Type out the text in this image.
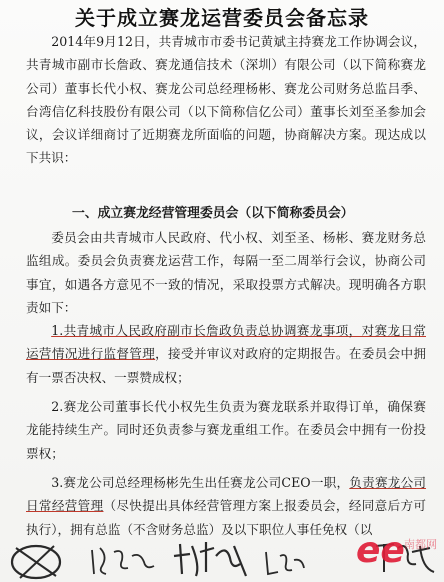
关于成立赛龙运营委员会备忘录

2014年9月12日，共青城市市委书记黄斌主持赛龙工作协调会议，共青城市副市长詹政、赛龙通信技术（深圳）有限公司（以下简称赛龙公司）董事长代小权、赛龙公司总经理杨彬、赛龙公司财务总监吕季、台湾信亿科技股份有限公司（以下简称信亿公司）董事长刘至圣参加会议，会议详细商讨了近期赛龙所面临的问题，协商解决方案。现达成以下共识：

一、成立赛龙经营管理委员会（以下简称委员会）

委员会由共青城市人民政府、代小权、刘至圣、杨彬、赛龙财务总监组成。委员会负责赛龙运营工作，每隔一至二周举行会议，协商公司事宜，如遇各方意见不一致的情况，采取投票方式解决。现明确各方职责如下：

1.共青城市人民政府副市长詹政负责总协调赛龙事项，对赛龙日常运营情况进行监督管理，接受并审议对政府的定期报告。在委员会中拥有一票否决权、一票赞成权；

2.赛龙公司董事长代小权先生负责为赛龙联系并取得订单，确保赛龙能持续生产。同时还负责参与赛龙重组工作。在委员会中拥有一份投票权；

3.赛龙公司总经理杨彬先生出任赛龙公司CEO一职，负责赛龙公司日常经营管理（尽快提出具体经营管理方案上报委员会，经同意后方可执行），拥有总监（不含财务总监）及以下职位人事任免权（以

ee 南都网
